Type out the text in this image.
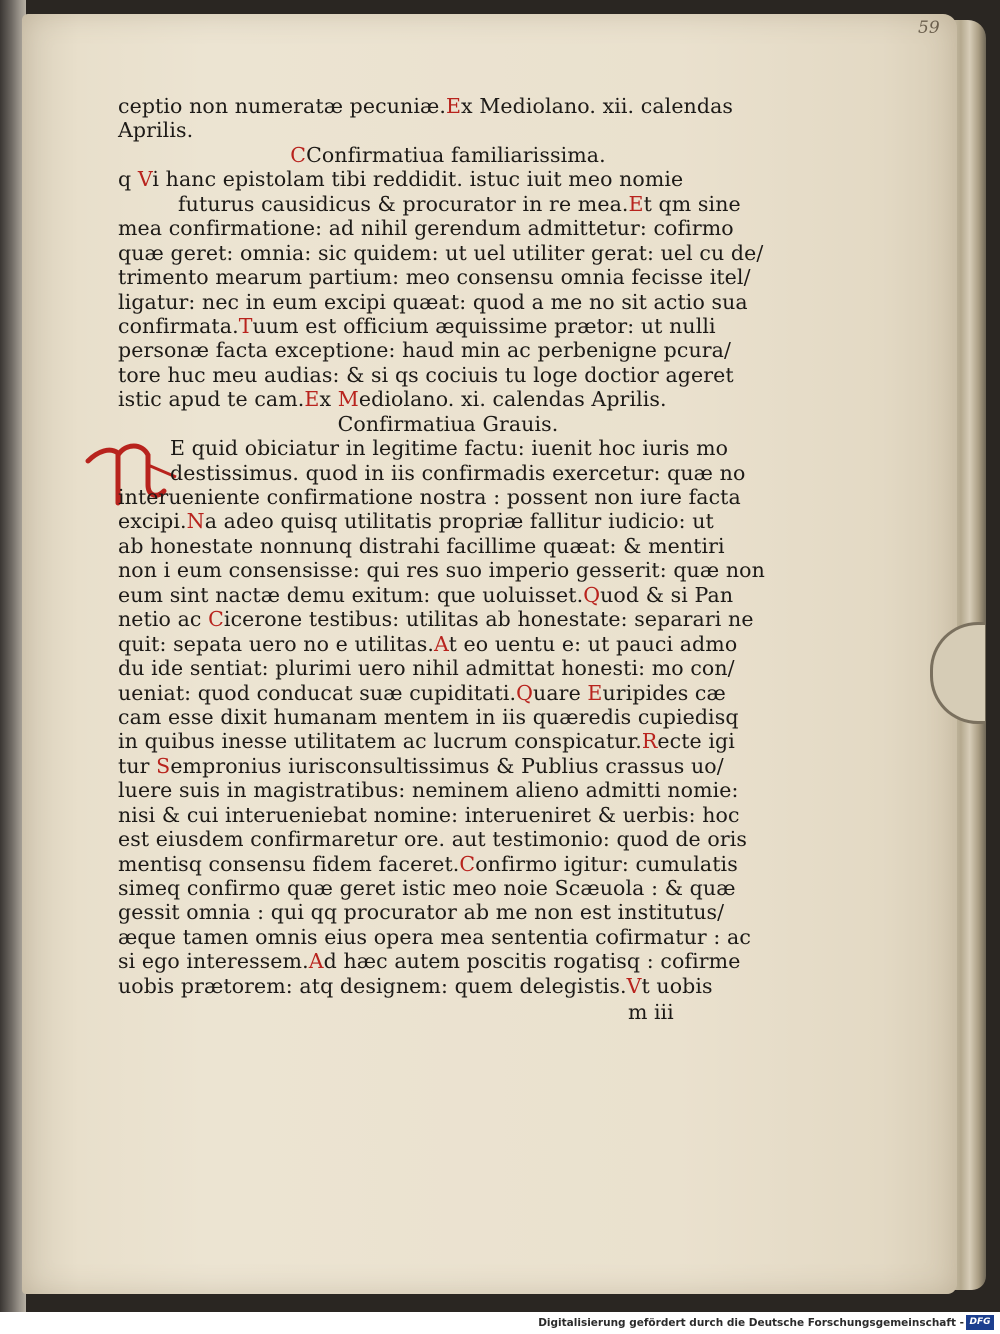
59
ceptio non numeratæ pecuniæ.Ex Mediolano. xii. calendas
Aprilis.
CConfirmatiua familiarissima.
q Vi hanc epistolam tibi reddidit. istuc iuit meo nomie
futurus causidicus & procurator in re mea.Et qm sine
mea confirmatione: ad nihil gerendum admittetur: cofirmo
quæ geret: omnia: sic quidem: ut uel utiliter gerat: uel cu de/
trimento mearum partium: meo consensu omnia fecisse itel/
ligatur: nec in eum excipi quæat: quod a me no sit actio sua
confirmata.Tuum est officium æquissime prætor: ut nulli
personæ facta exceptione: haud min ac perbenigne pcura/
tore huc meu audias: & si qs cociuis tu loge doctior ageret
istic apud te cam.Ex Mediolano. xi. calendas Aprilis.
Confirmatiua Grauis.
E quid obiciatur in legitime factu: iuenit hoc iuris mo
destissimus. quod in iis confirmadis exercetur: quæ no
interueniente confirmatione nostra : possent non iure facta
excipi.Na adeo quisq utilitatis propriæ fallitur iudicio: ut
ab honestate nonnunq distrahi facillime quæat: & mentiri
non i eum consensisse: qui res suo imperio gesserit: quæ non
eum sint nactæ demu exitum: que uoluisset.Quod & si Pan
netio ac Cicerone testibus: utilitas ab honestate: separari ne
quit: sepata uero no e utilitas.At eo uentu e: ut pauci admo
du ide sentiat: plurimi uero nihil admittat honesti: mo con/
ueniat: quod conducat suæ cupiditati.Quare Euripides cæ
cam esse dixit humanam mentem in iis quæredis cupiedisq
in quibus inesse utilitatem ac lucrum conspicatur.Recte igi
tur Sempronius iurisconsultissimus & Publius crassus uo/
luere suis in magistratibus: neminem alieno admitti nomie:
nisi & cui interueniebat nomine: interueniret & uerbis: hoc
est eiusdem confirmaretur ore. aut testimonio: quod de oris
mentisq consensu fidem faceret.Confirmo igitur: cumulatis
simeq confirmo quæ geret istic meo noie Scæuola : & quæ
gessit omnia : qui qq procurator ab me non est institutus/
æque tamen omnis eius opera mea sententia cofirmatur : ac
si ego interessem.Ad hæc autem poscitis rogatisq : cofirme
uobis prætorem: atq designem: quem delegistis.Vt uobis
m iii
Digitalisierung gefördert durch die Deutsche Forschungsgemeinschaft - DFG
